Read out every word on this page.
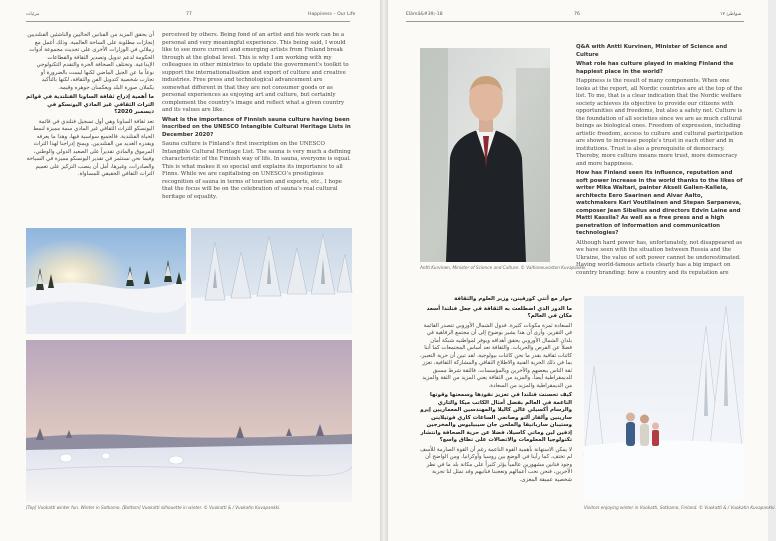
مرئيات	77	Happiness – Our Life

أن يحقق المزيد من الفنانين الحاليين والناشئين الفنلنديين إنجازات مطلوبة على الساحة العالمية. وذلك أعمل مع زملائي في الوزارات الأخرى على تحديث مجموعة أدوات الحكومة لدعم تدويل وتصدير الثقافة والقطاعات الإبداعية. وتختلف الصحافة الحرة والتقدم التكنولوجي نوعاً ما عن الجيل الماضي لكنها ليست بالضرورة أو تجارب شخصية كتدويل الفن والثقافة، لكنها بالتأكيد يكملان صورة البلد ويعكسان جوهره وقيمه.

ما أهمية إدراج ثقافة الساونا الفنلندية في قوائم التراث الثقافي غير المادي اليونسكو في ديسمبر 2020؟

تعد ثقافة الساونا وهي أول تسجيل فنلندي في قائمة اليونسكو للتراث الثقافي غير المادي سمة مميزة لنمط الحياة الفنلندية. فالجميع سواسية فيها، وهذا ما يعرفه ويقدره العديد من الفنلنديين. ويمنح إدراجنا لهذا التراث المرموق والمادي تقديراً على الصعيد الدولي والوطني، وفيما نحن نستثمر في تقدير اليونسكو مميزة في السياحة والصادرات، وغيرها، أمل أن ينصب التركيز على تعميم التراث الثقافي الحقيقي للمساواة.

perceived by others. Being fond of an artist and his work can be a personal and very meaningful experience. This being said, I would like to see more current and emerging artists from Finland break through at the global level. This is why I am working with my colleagues in other ministries to update the government’s toolkit to support the internationalisation and export of culture and creative industries. Free press and technological advancement are somewhat different in that they are not consumer goods or as personal experiences as enjoying art and culture, but certainly complement the country’s image and reflect what a given country and its values are like.

What is the importance of Finnish sauna culture having been inscribed on the UNESCO Intangible Cultural Heritage Lists in December 2020?

Sauna culture is Finland’s first inscription on the UNESCO Intangible Cultural Heritage List. The sauna is very much a defining characteristic of the Finnish way of life. In sauna, everyone is equal. This is what makes it so special and explains its importance to all Finns. While we are capitalising on UNESCO’s prestigious recognition of sauna in terms of tourism and exports, etc., I hope that the focus will be on the celebration of sauna’s real cultural heritage of equality.

[Top] Vuokatti winter fun. Winter in Sotkamo. [Bottom] Vuokatti silhouette in winter. © Vuokatti & / Vuokatin Kuvapankki.
Elämä&#39;-18	76	شواطئ ١٧
Antti Kurvinen, Minister of Science and Culture. © Valtioneuvoston Kuvapankki.

Q&A with Antti Kurvinen, Minister of Science and Culture

What role has culture played in making Finland the happiest place in the world?

Happiness is the result of many components. When one looks at the report, all Nordic countries are at the top of the list. To me, that is a clear indication that the Nordic welfare society achieves its objective to provide our citizens with opportunities and freedoms, but also a safety net. Culture is the foundation of all societies since we are as much cultural beings as biological ones. Freedom of expression, including artistic freedom, access to culture and cultural participation are shown to increase people’s trust in each other and in institutions. Trust is also a prerequisite of democracy. Thereby, more culture means more trust, more democracy and more happiness.

How has Finland seen its influence, reputation and soft power increase in the world thanks to the likes of writer Mika Waltari, painter Akseli Gallen-Kallela, architects Eero Saarinen and Alvar Aalto, watchmakers Kari Voutilainen and Stepan Sarpaneva, composer Jean Sibelius and directors Edvin Laine and Matti Kassila? As well as a free press and a high penetration of information and communication technologies?

Although hard power has, unfortunately, not disappeared as we have seen with the situation between Russia and the Ukraine, the value of soft power cannot be underestimated. Having world-famous artists clearly has a big impact on country branding: how a country and its reputation are

حوار مع أنتي كورفينن، وزير العلوم والثقافة

ما الدور الذي اضطلعت به الثقافة في جعل فنلندا أسعد مكان في العالم؟

السعادة ثمرة مكونات كثيرة. فدول الشمال الأوروبي تتصدر القائمة في التقرير. وأرى أن هذا يشير بوضوح إلى أن مجتمع الرفاهية في بلدان الشمال الأوروبي يحقق أهدافه ويوفر لمواطنيه شبكة أمان فضلاً عن الفرص والحريات. والثقافة تعد أساس المجتمعات كما أننا كائنات ثقافية بقدر ما نحن كائنات بيولوجية. لقد تبين أن حرية التعبير، بما في ذلك الحرية الفنية والاطلاع الثقافي والمشاركة الثقافية، تعزز ثقة الناس ببعضهم والأخرين وبالمؤسسات. فالثقة شرط مسبق للديمقراطية أيضاً. والمزيد من الثقافة يعني المزيد من الثقة والمزيد من الديمقراطية والمزيد من السعادة.

كيف تحسنت فنلندا في تعزيز نفوذها وسمعتها وقوتها الناعمة في العالم بفضل أمثال الكاتب ميكا والتاري والرسام أكسيلي غالن كاليلا والمهندسين المعماريين إيرو سارينين وألفار آلتو وصانعي الساعات كاري فوتيلاينن وستيبان ساربانيفا والملحن جان سيبيليوس والمخرجين إدفين لين وماتي كاسيلا، فضلا عن حرية الصحافة وانتشار تكنولوجيا المعلومات والاتصالات على نطاق واسع؟

لا يمكن الاستهانة بأهمية القوة الناعمة رغم أن القوة الصارمة للأسف لم تختف، كما رأينا في الوضع بين روسيا وأوكرانيا. ومن الواضح أن وجود فنانين مشهورين عالمياً يؤثر كثيراً على مكانة بلد ما في نظر الآخرين، فنحن نحب أعمالهم وتعجبنا فنانيهم وقد تمثل لنا تجربة شخصية عميقة المغزى.

Visitors enjoying winter in Vuokatti, Sotkamo, Finland. © Vuokatti & / Vuokatin Kuvapankki.
